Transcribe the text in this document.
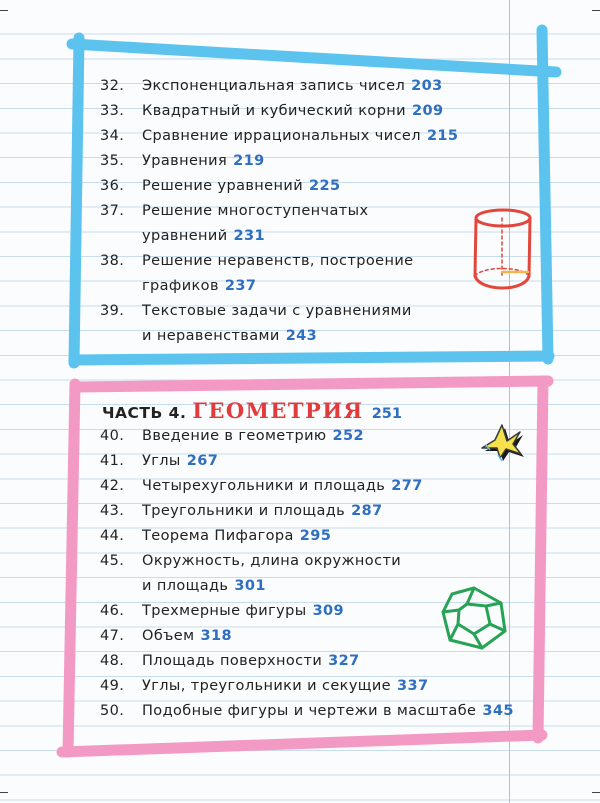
32. Экспоненциальная запись чисел 203
33. Квадратный и кубический корни 209
34. Сравнение иррациональных чисел 215
35. Уравнения 219
36. Решение уравнений 225
37. Решение многоступенчатых
уравнений 231
38. Решение неравенств, построение
графиков 237
39. Текстовые задачи с уравнениями
и неравенствами 243
ЧАСТЬ 4. ГЕОМЕТРИЯ 251
40. Введение в геометрию 252
41. Углы 267
42. Четырехугольники и площадь 277
43. Треугольники и площадь 287
44. Теорема Пифагора 295
45. Окружность, длина окружности
и площадь 301
46. Трехмерные фигуры 309
47. Объем 318
48. Площадь поверхности 327
49. Углы, треугольники и секущие 337
50. Подобные фигуры и чертежи в масштабе 345
